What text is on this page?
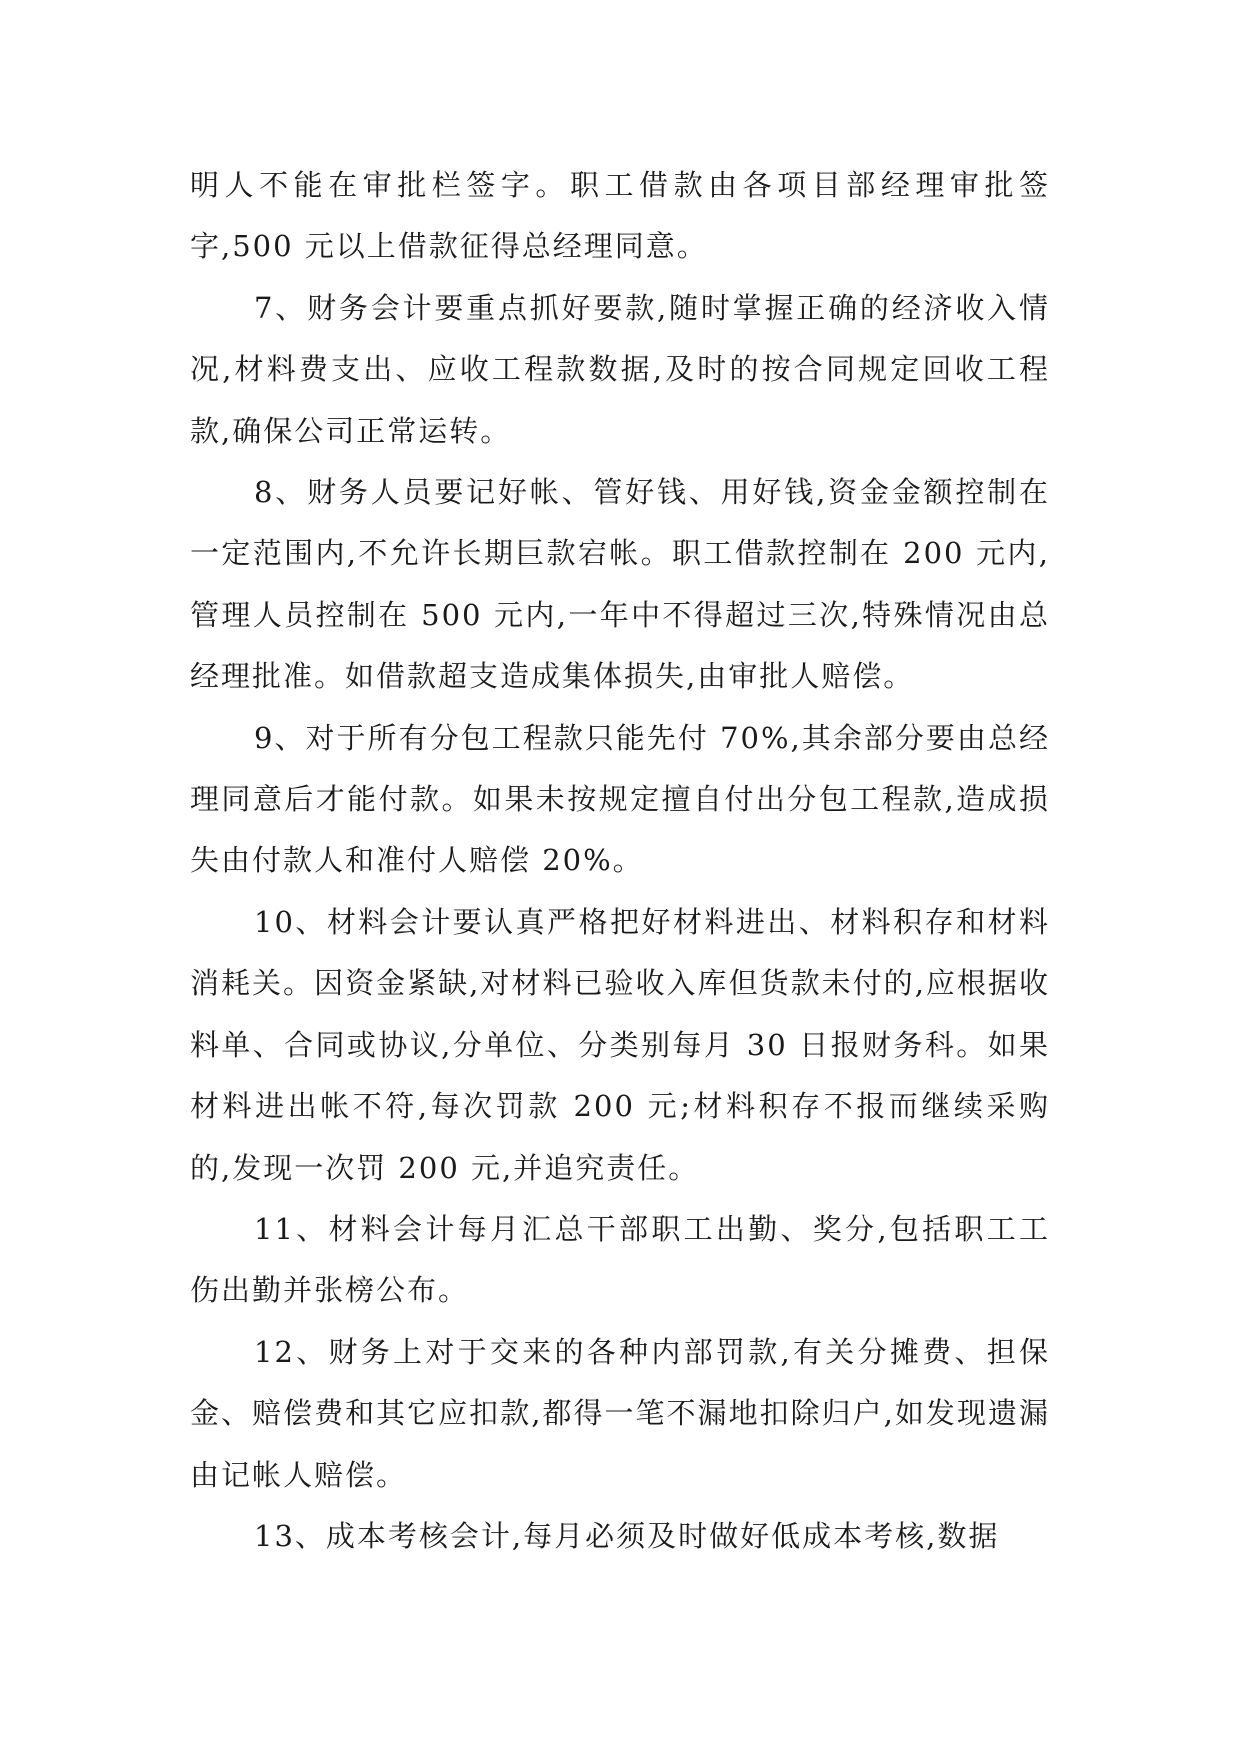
明人不能在审批栏签字。职工借款由各项目部经理审批签字,500 元以上借款征得总经理同意。

7、财务会计要重点抓好要款,随时掌握正确的经济收入情况,材料费支出、应收工程款数据,及时的按合同规定回收工程款,确保公司正常运转。

8、财务人员要记好帐、管好钱、用好钱,资金金额控制在一定范围内,不允许长期巨款宕帐。职工借款控制在 200 元内,管理人员控制在 500 元内,一年中不得超过三次,特殊情况由总经理批准。如借款超支造成集体损失,由审批人赔偿。

9、对于所有分包工程款只能先付 70%,其余部分要由总经理同意后才能付款。如果未按规定擅自付出分包工程款,造成损失由付款人和准付人赔偿 20%。

10、材料会计要认真严格把好材料进出、材料积存和材料消耗关。因资金紧缺,对材料已验收入库但货款未付的,应根据收料单、合同或协议,分单位、分类别每月 30 日报财务科。如果材料进出帐不符,每次罚款 200 元;材料积存不报而继续采购的,发现一次罚 200 元,并追究责任。

11、材料会计每月汇总干部职工出勤、奖分,包括职工工伤出勤并张榜公布。

12、财务上对于交来的各种内部罚款,有关分摊费、担保金、赔偿费和其它应扣款,都得一笔不漏地扣除归户,如发现遗漏由记帐人赔偿。

13、成本考核会计,每月必须及时做好低成本考核,数据
